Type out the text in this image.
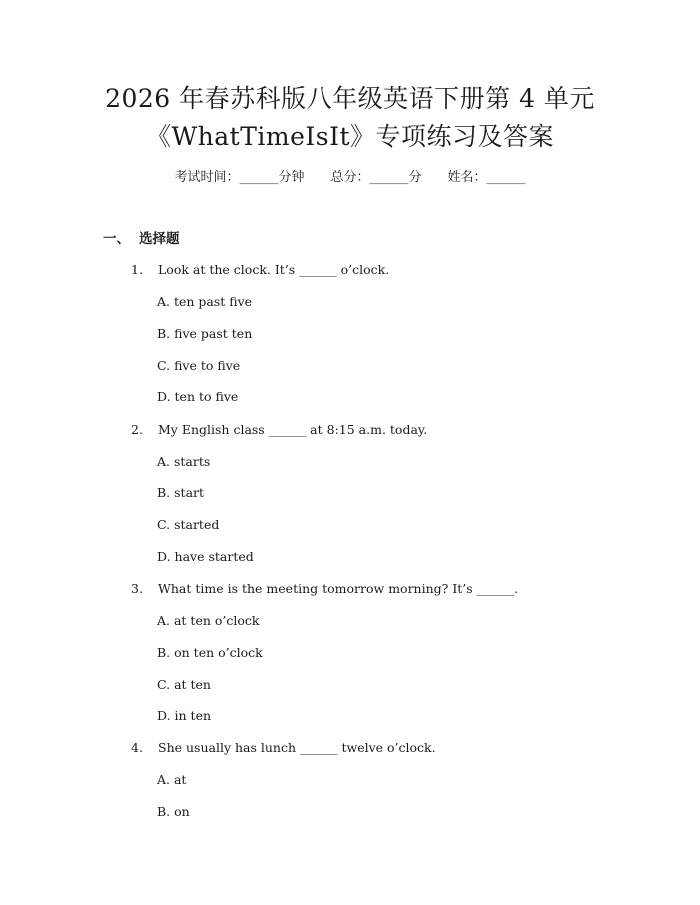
2026 年春苏科版八年级英语下册第 4 单元
《WhatTimeIsIt》专项练习及答案
考试时间：______分钟 总分：______分 姓名：______
一、 选择题
1.	Look at the clock. It’s ______ o’clock.
A. ten past five
B. five past ten
C. five to five
D. ten to five
2.	My English class ______ at 8:15 a.m. today.
A. starts
B. start
C. started
D. have started
3.	What time is the meeting tomorrow morning? It’s ______.
A. at ten o’clock
B. on ten o’clock
C. at ten
D. in ten
4.	She usually has lunch ______ twelve o’clock.
A. at
B. on
